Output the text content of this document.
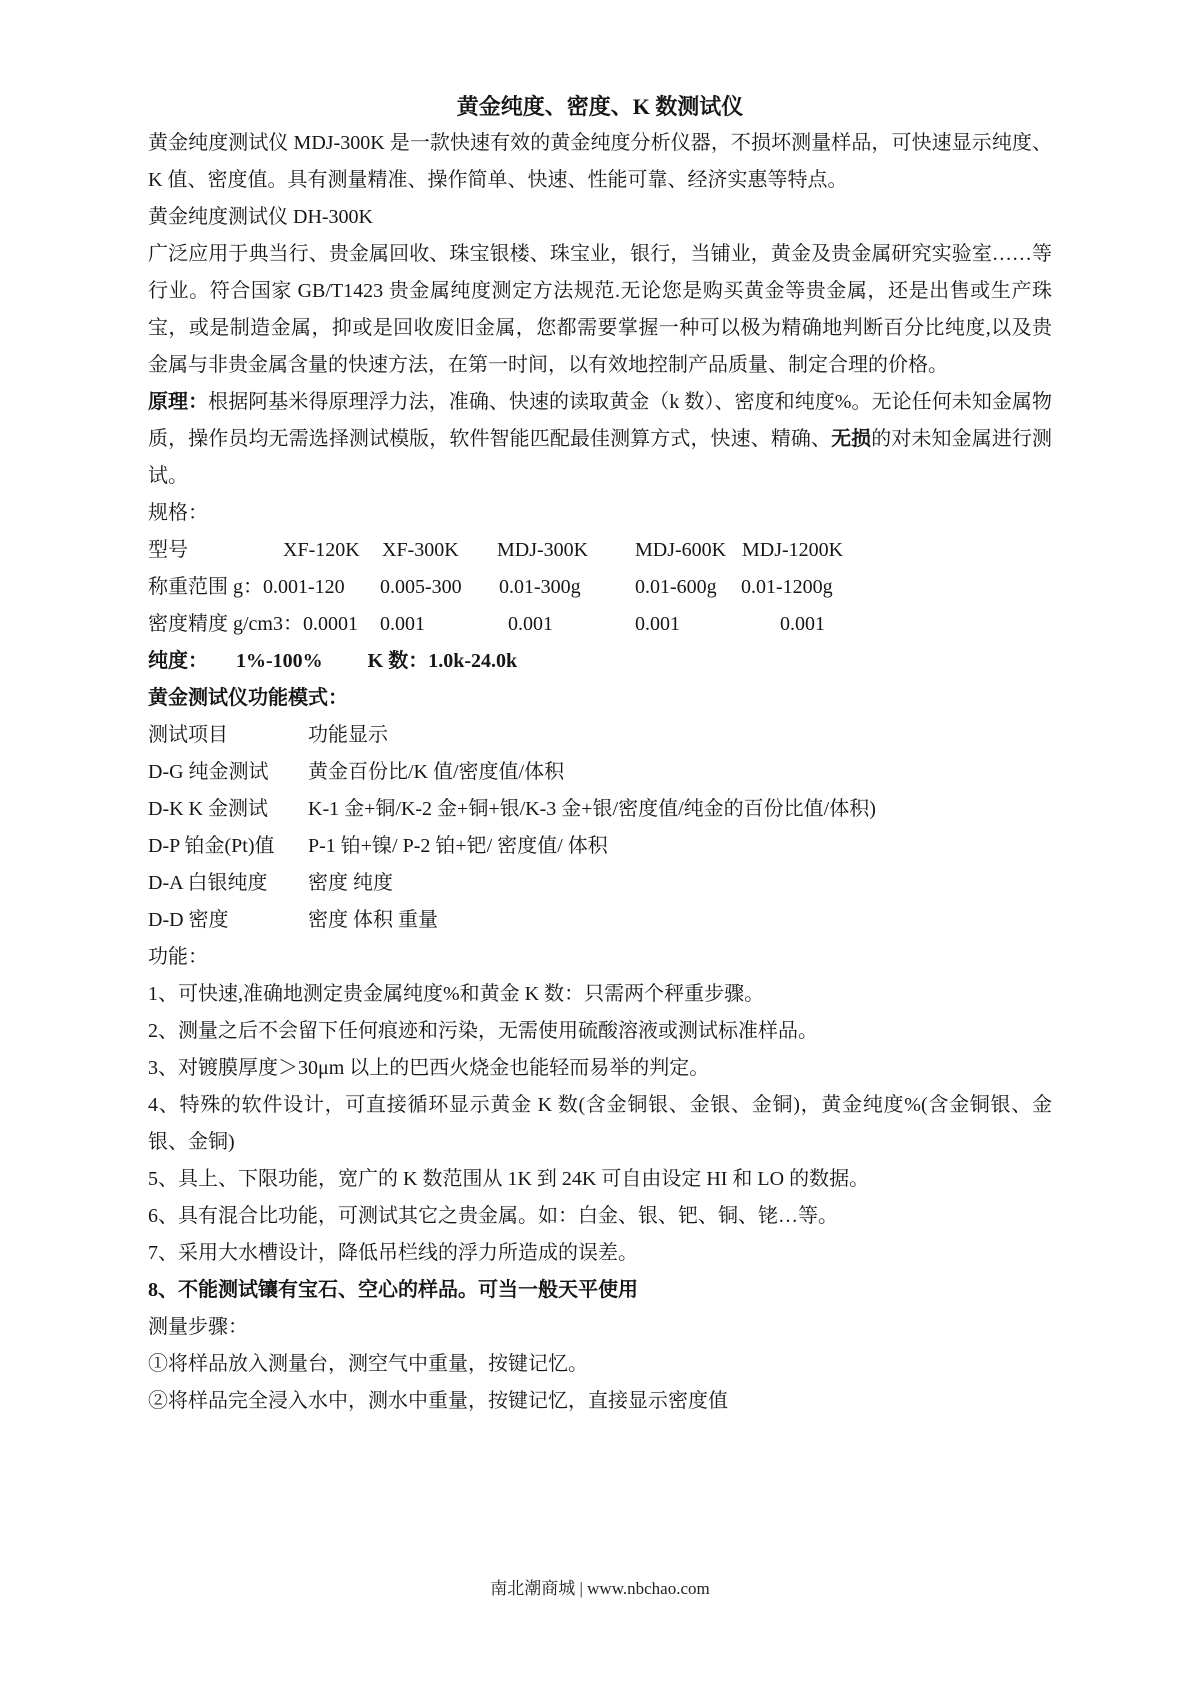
黄金纯度、密度、K 数测试仪

黄金纯度测试仪 MDJ-300K 是一款快速有效的黄金纯度分析仪器，不损坏测量样品，可快速显示纯度、K 值、密度值。具有测量精准、操作简单、快速、性能可靠、经济实惠等特点。

黄金纯度测试仪 DH-300K

广泛应用于典当行、贵金属回收、珠宝银楼、珠宝业，银行，当铺业，黄金及贵金属研究实验室……等行业。符合国家 GB/T1423 贵金属纯度测定方法规范.无论您是购买黄金等贵金属，还是出售或生产珠宝，或是制造金属，抑或是回收废旧金属，您都需要掌握一种可以极为精确地判断百分比纯度,以及贵金属与非贵金属含量的快速方法，在第一时间，以有效地控制产品质量、制定合理的价格。

原理：根据阿基米得原理浮力法，准确、快速的读取黄金（k 数）、密度和纯度%。无论任何未知金属物质，操作员均无需选择测试模版，软件智能匹配最佳测算方式，快速、精确、无损的对未知金属进行测试。

规格：

型号	XF-120K XF-300K MDJ-300K MDJ-600K MDJ-1200K
称重范围 g：0.001-120 0.005-300 0.01-300g	0.01-600g 0.01-1200g
密度精度 g/cm3：0.0001 0.001	0.001	0.001	0.001

纯度： 1%-100% K 数：1.0k-24.0k

黄金测试仪功能模式：

测试项目	功能显示
D-G 纯金测试	黄金百份比/K 值/密度值/体积
D-K K 金测试	K-1 金+铜/K-2 金+铜+银/K-3 金+银/密度值/纯金的百份比值/体积)
D-P 铂金(Pt)值	P-1 铂+镍/ P-2 铂+钯/ 密度值/ 体积
D-A 白银纯度	密度 纯度
D-D 密度	密度 体积 重量

功能：

1、可快速,准确地测定贵金属纯度%和黄金 K 数：只需两个秤重步骤。

2、测量之后不会留下任何痕迹和污染，无需使用硫酸溶液或测试标准样品。

3、对镀膜厚度＞30μm 以上的巴西火烧金也能轻而易举的判定。

4、特殊的软件设计，可直接循环显示黄金 K 数(含金铜银、金银、金铜)，黄金纯度%(含金铜银、金银、金铜)

5、具上、下限功能，宽广的 K 数范围从 1K 到 24K 可自由设定 HI 和 LO 的数据。

6、具有混合比功能，可测试其它之贵金属。如：白金、银、钯、铜、铑…等。

7、采用大水槽设计，降低吊栏线的浮力所造成的误差。

8、不能测试镶有宝石、空心的样品。可当一般天平使用

测量步骤：

①将样品放入测量台，测空气中重量，按键记忆。

②将样品完全浸入水中，测水中重量，按键记忆，直接显示密度值

南北潮商城 | www.nbchao.com
